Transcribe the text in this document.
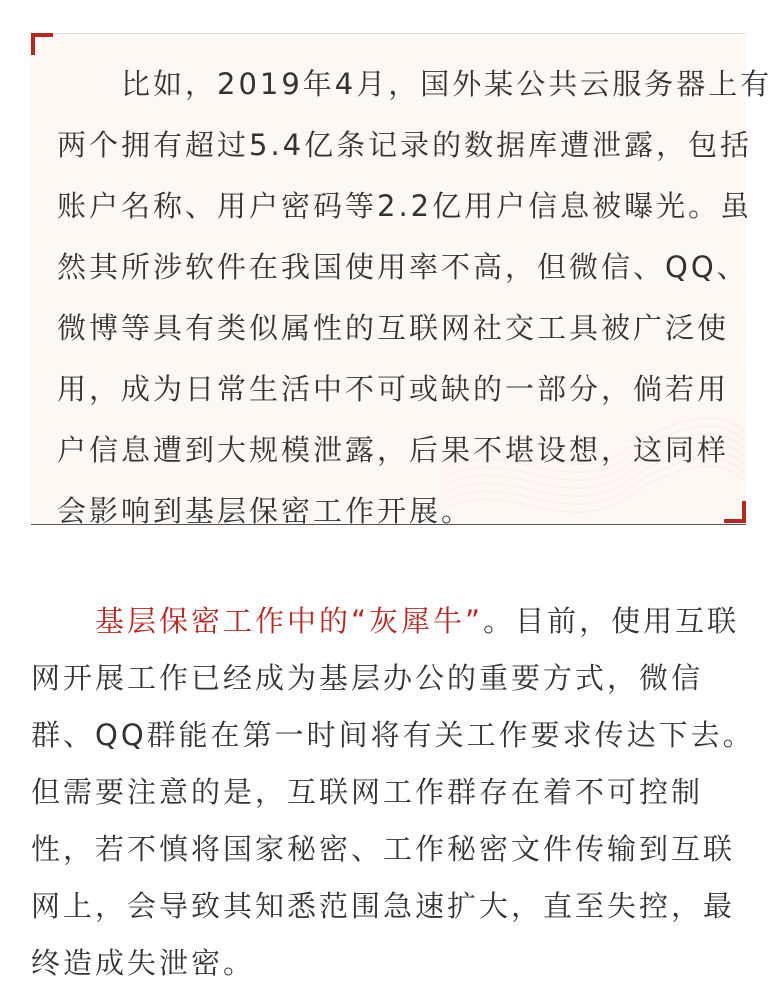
　　比如，2019年4月，国外某公共云服务器上有
两个拥有超过5.4亿条记录的数据库遭泄露，包括
账户名称、用户密码等2.2亿用户信息被曝光。虽
然其所涉软件在我国使用率不高，但微信、QQ、
微博等具有类似属性的互联网社交工具被广泛使
用，成为日常生活中不可或缺的一部分，倘若用
户信息遭到大规模泄露，后果不堪设想，这同样
会影响到基层保密工作开展。
　　基层保密工作中的“灰犀牛”。目前，使用互联
网开展工作已经成为基层办公的重要方式，微信
群、QQ群能在第一时间将有关工作要求传达下去。
但需要注意的是，互联网工作群存在着不可控制
性，若不慎将国家秘密、工作秘密文件传输到互联
网上，会导致其知悉范围急速扩大，直至失控，最
终造成失泄密。
